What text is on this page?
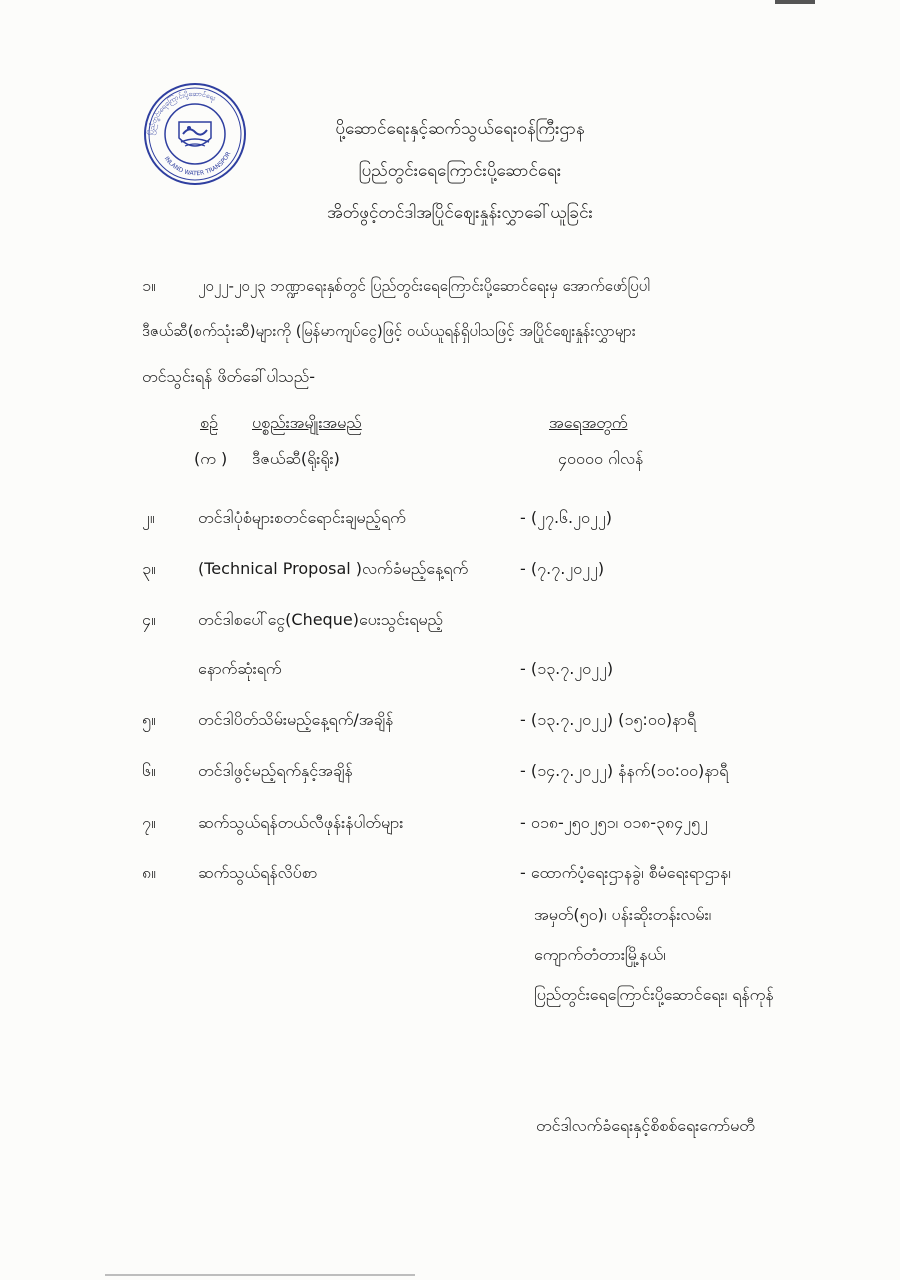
ပြည်တွင်းရေကြောင်းပို့ဆောင်ရေး
INLAND WATER TRANSPOR
ပို့ဆောင်ရေးနှင့်ဆက်သွယ်ရေးဝန်ကြီးဌာန
ပြည်တွင်းရေကြောင်းပို့ဆောင်ရေး
အိတ်ဖွင့်တင်ဒါအပြိုင်စျေးနှုန်းလွှာခေါ်ယူခြင်း
၁။	၂၀၂၂-၂၀၂၃ ဘဏ္ဍာရေးနှစ်တွင် ပြည်တွင်းရေကြောင်းပို့ဆောင်ရေးမှ အောက်ဖော်ပြပါ
ဒီဇယ်ဆီ(စက်သုံးဆီ)များကို (မြန်မာကျပ်ငွေ)ဖြင့် ဝယ်ယူရန်ရှိပါသဖြင့် အပြိုင်စျေးနှုန်းလွှာများ
တင်သွင်းရန် ဖိတ်ခေါ်ပါသည်-
စဉ် ပစ္စည်းအမျိုးအမည်	အရေအတွက်
(က ) ဒီဇယ်ဆီ(ရိုးရိုး)	၄၀၀၀၀ ဂါလန်
၂။	တင်ဒါပုံစံများစတင်ရောင်းချမည့်ရက်	- (၂၇.၆.၂၀၂၂)
၃။	(Technical Proposal )လက်ခံမည့်နေ့ရက်	- (၇.၇.၂၀၂၂)
၄။	တင်ဒါစပေါ်ငွေ(Cheque)ပေးသွင်းရမည့်
နောက်ဆုံးရက်	- (၁၃.၇.၂၀၂၂)
၅။	တင်ဒါပိတ်သိမ်းမည့်နေ့ရက်/အချိန်	- (၁၃.၇.၂၀၂၂) (၁၅:၀၀)နာရီ
၆။	တင်ဒါဖွင့်မည့်ရက်နှင့်အချိန်	- (၁၄.၇.၂၀၂၂) နံနက်(၁၀:၀၀)နာရီ
၇။	ဆက်သွယ်ရန်တယ်လီဖုန်းနံပါတ်များ	- ၀၁၈-၂၅၀၂၅၁၊ ၀၁၈-၃၈၄၂၅၂
၈။	ဆက်သွယ်ရန်လိပ်စာ	- ထောက်ပံ့ရေးဌာနခွဲ၊ စီမံရေးရာဌာန၊
အမှတ်(၅၀)၊ ပန်းဆိုးတန်းလမ်း၊
ကျောက်တံတားမြို့နယ်၊
ပြည်တွင်းရေကြောင်းပို့ဆောင်ရေး၊ ရန်ကုန်
တင်ဒါလက်ခံရေးနှင့်စိစစ်ရေးကော်မတီ
